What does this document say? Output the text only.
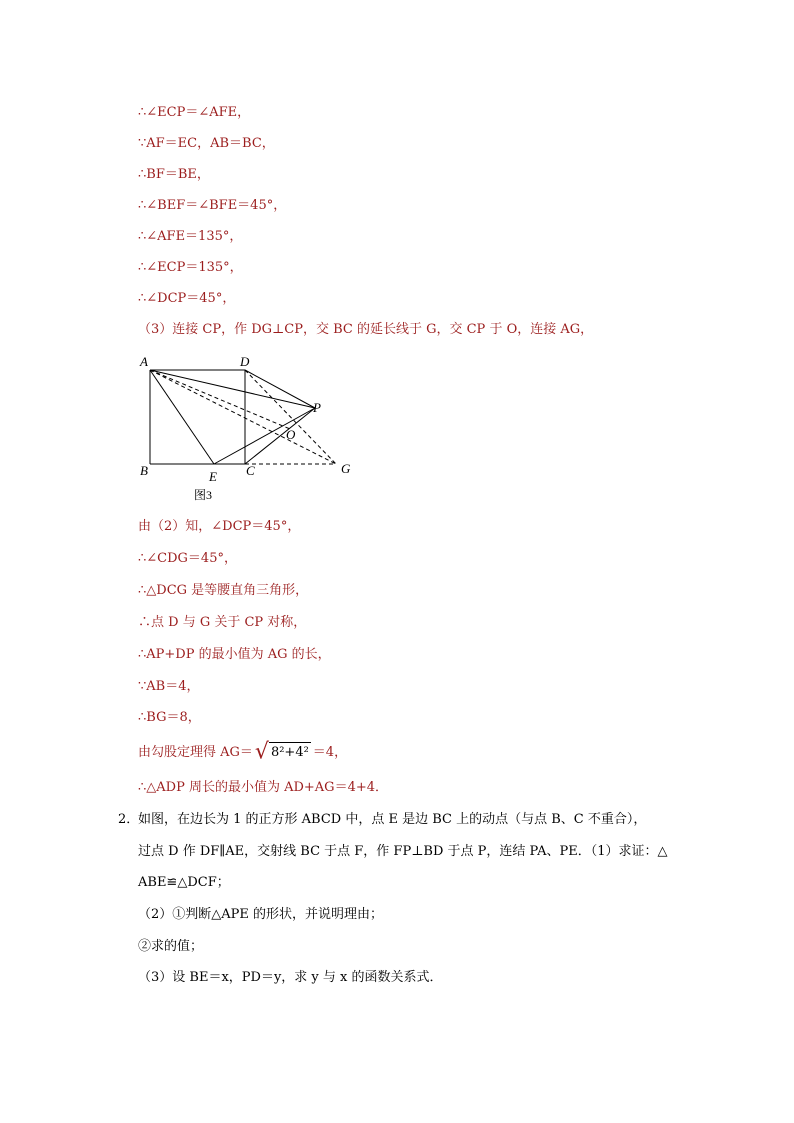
∴∠ECP＝∠AFE，
∵AF＝EC，AB＝BC，
∴BF＝BE，
∴∠BEF＝∠BFE＝45°，
∴∠AFE＝135°，
∴∠ECP＝135°，
∴∠DCP＝45°，
（3）连接 CP，作 DG⊥CP，交 BC 的延长线于 G，交 CP 于 O，连接 AG，
A	D
B	C
E
P
O
G
图3
由（2）知，∠DCP＝45°，
∴∠CDG＝45°，
∴△DCG 是等腰直角三角形，
∴点 D 与 G 关于 CP 对称，
∴AP+DP 的最小值为 AG 的长，
∵AB＝4，
∴BG＝8，
由勾股定理得 AG＝√ 8²+4² ＝4，
∴△ADP 周长的最小值为 AD+AG＝4+4．
2．
如图，在边长为 1 的正方形 ABCD 中，点 E 是边 BC 上的动点（与点 B、C 不重合），
过点 D 作 DF∥AE，交射线 BC 于点 F，作 FP⊥BD 于点 P，连结 PA、PE．（1）求证：△
ABE≌△DCF；
（2）①判断△APE 的形状，并说明理由；
②求的值；
（3）设 BE＝x，PD＝y，求 y 与 x 的函数关系式．
